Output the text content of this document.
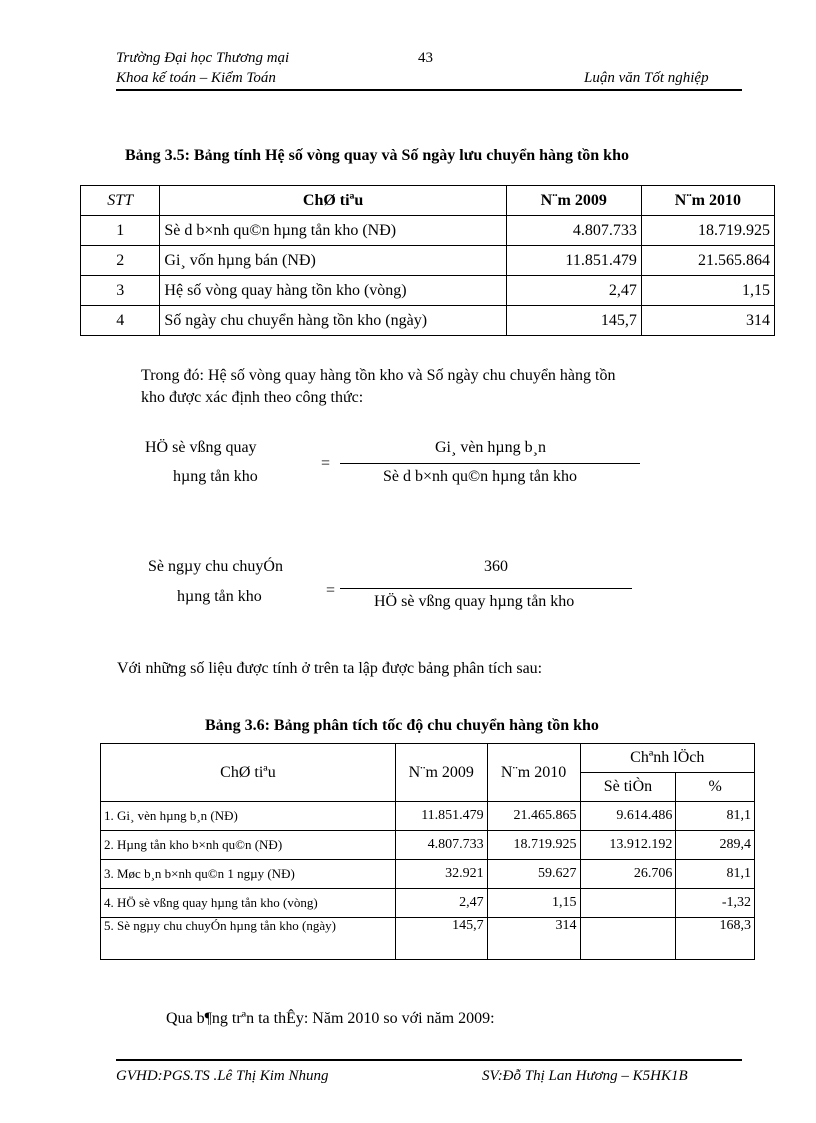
Trường Đại học Thương mại	43
Khoa kế toán – Kiểm Toán	Luận văn Tốt nghiệp
Bảng 3.5: Bảng tính Hệ số vòng quay và Số ngày lưu chuyển hàng tồn kho
STT	ChØ tiªu	N¨m 2009	N¨m 2010
1	Sè d b×nh qu©n hµng tån kho (NĐ)	4.807.733	18.719.925
2	Gi¸ vốn hµng bán (NĐ)	11.851.479	21.565.864
3	Hệ số vòng quay hàng tồn kho (vòng)	2,47	1,15
4	Số ngày chu chuyển hàng tồn kho (ngày)	145,7	314
Trong đó: Hệ số vòng quay hàng tồn kho và Số ngày chu chuyển hàng tồn
kho được xác định theo công thức:
HÖ sè vßng quay
hµng tån kho
=
Gi¸ vèn hµng b¸n
Sè d b×nh qu©n hµng tån kho
Sè ngµy chu chuyÓn
hµng tån kho	=
360
HÖ sè vßng quay hµng tån kho
Với những số liệu được tính ở trên ta lập được bảng phân tích sau:
Bảng 3.6: Bảng phân tích tốc độ chu chuyển hàng tồn kho
ChØ tiªu	N¨m 2009	N¨m 2010	Chªnh lÖch	
			Sè tiÒn	%
1. Gi¸ vèn hµng b¸n (NĐ)	11.851.479	21.465.865	9.614.486	81,1
2. Hµng tån kho b×nh qu©n (NĐ)	4.807.733	18.719.925	13.912.192	289,4
3. Møc b¸n b×nh qu©n 1 ngµy (NĐ)	32.921	59.627	26.706	81,1
4. HÖ sè vßng quay hµng tån kho (vòng)	2,47	1,15		-1,32
5. Sè ngµy chu chuyÓn hµng tån kho (ngày)	145,7	314		168,3
Qua b¶ng trªn ta thÊy: Năm 2010 so với năm 2009:
GVHD:PGS.TS .Lê Thị Kim Nhung	SV:Đỗ Thị Lan Hương – K5HK1B
